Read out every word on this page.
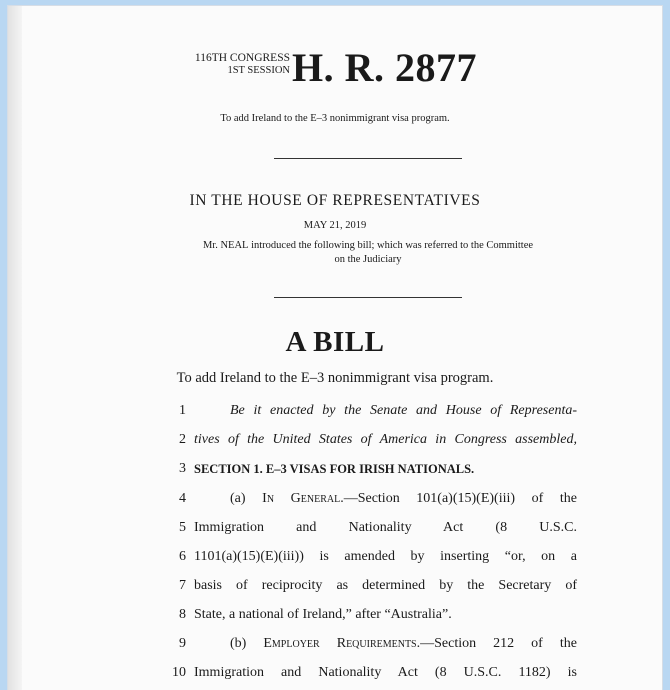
116TH CONGRESS
1ST SESSION H. R. 2877
To add Ireland to the E–3 nonimmigrant visa program.
IN THE HOUSE OF REPRESENTATIVES
MAY 21, 2019
Mr. NEAL introduced the following bill; which was referred to the Committee
on the Judiciary
A BILL
To add Ireland to the E–3 nonimmigrant visa program.
1	Be it enacted by the Senate and House of Representa-
2 tives of the United States of America in Congress assembled,
3 SECTION 1. E–3 VISAS FOR IRISH NATIONALS.
4	(a) In General.—Section 101(a)(15)(E)(iii) of the
5 Immigration and Nationality Act (8 U.S.C.
6 1101(a)(15)(E)(iii)) is amended by inserting “or, on a
7 basis of reciprocity as determined by the Secretary of
8 State, a national of Ireland,” after “Australia”.
9	(b) Employer Requirements.—Section 212 of the
10 Immigration and Nationality Act (8 U.S.C. 1182) is
